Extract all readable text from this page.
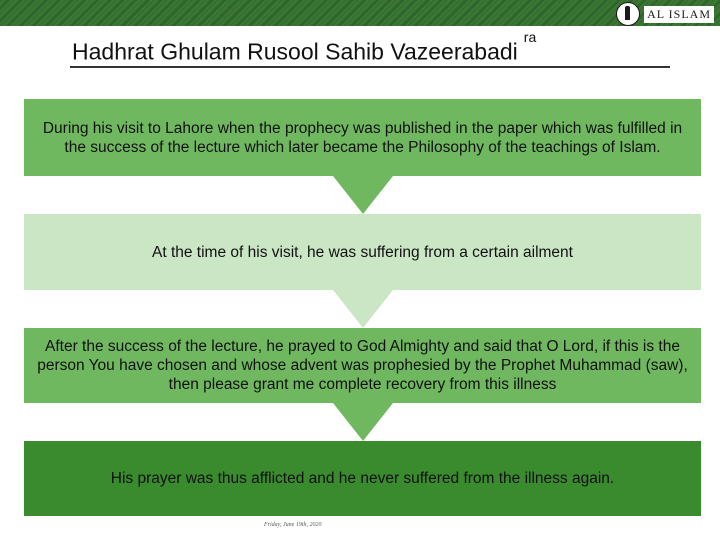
AL ISLAM
Hadhrat Ghulam Rusool Sahib Vazeerabadi$^{ra}$
During his visit to Lahore when the prophecy was published in the paper which was fulfilled in the success of the lecture which later became the Philosophy of the teachings of Islam.
At the time of his visit, he was suffering from a certain ailment
After the success of the lecture, he prayed to God Almighty and said that O Lord, if this is the person You have chosen and whose advent was prophesied by the Prophet Muhammad (saw), then please grant me complete recovery from this illness
His prayer was thus afflicted and he never suffered from the illness again.
Friday, June 19th, 2020
